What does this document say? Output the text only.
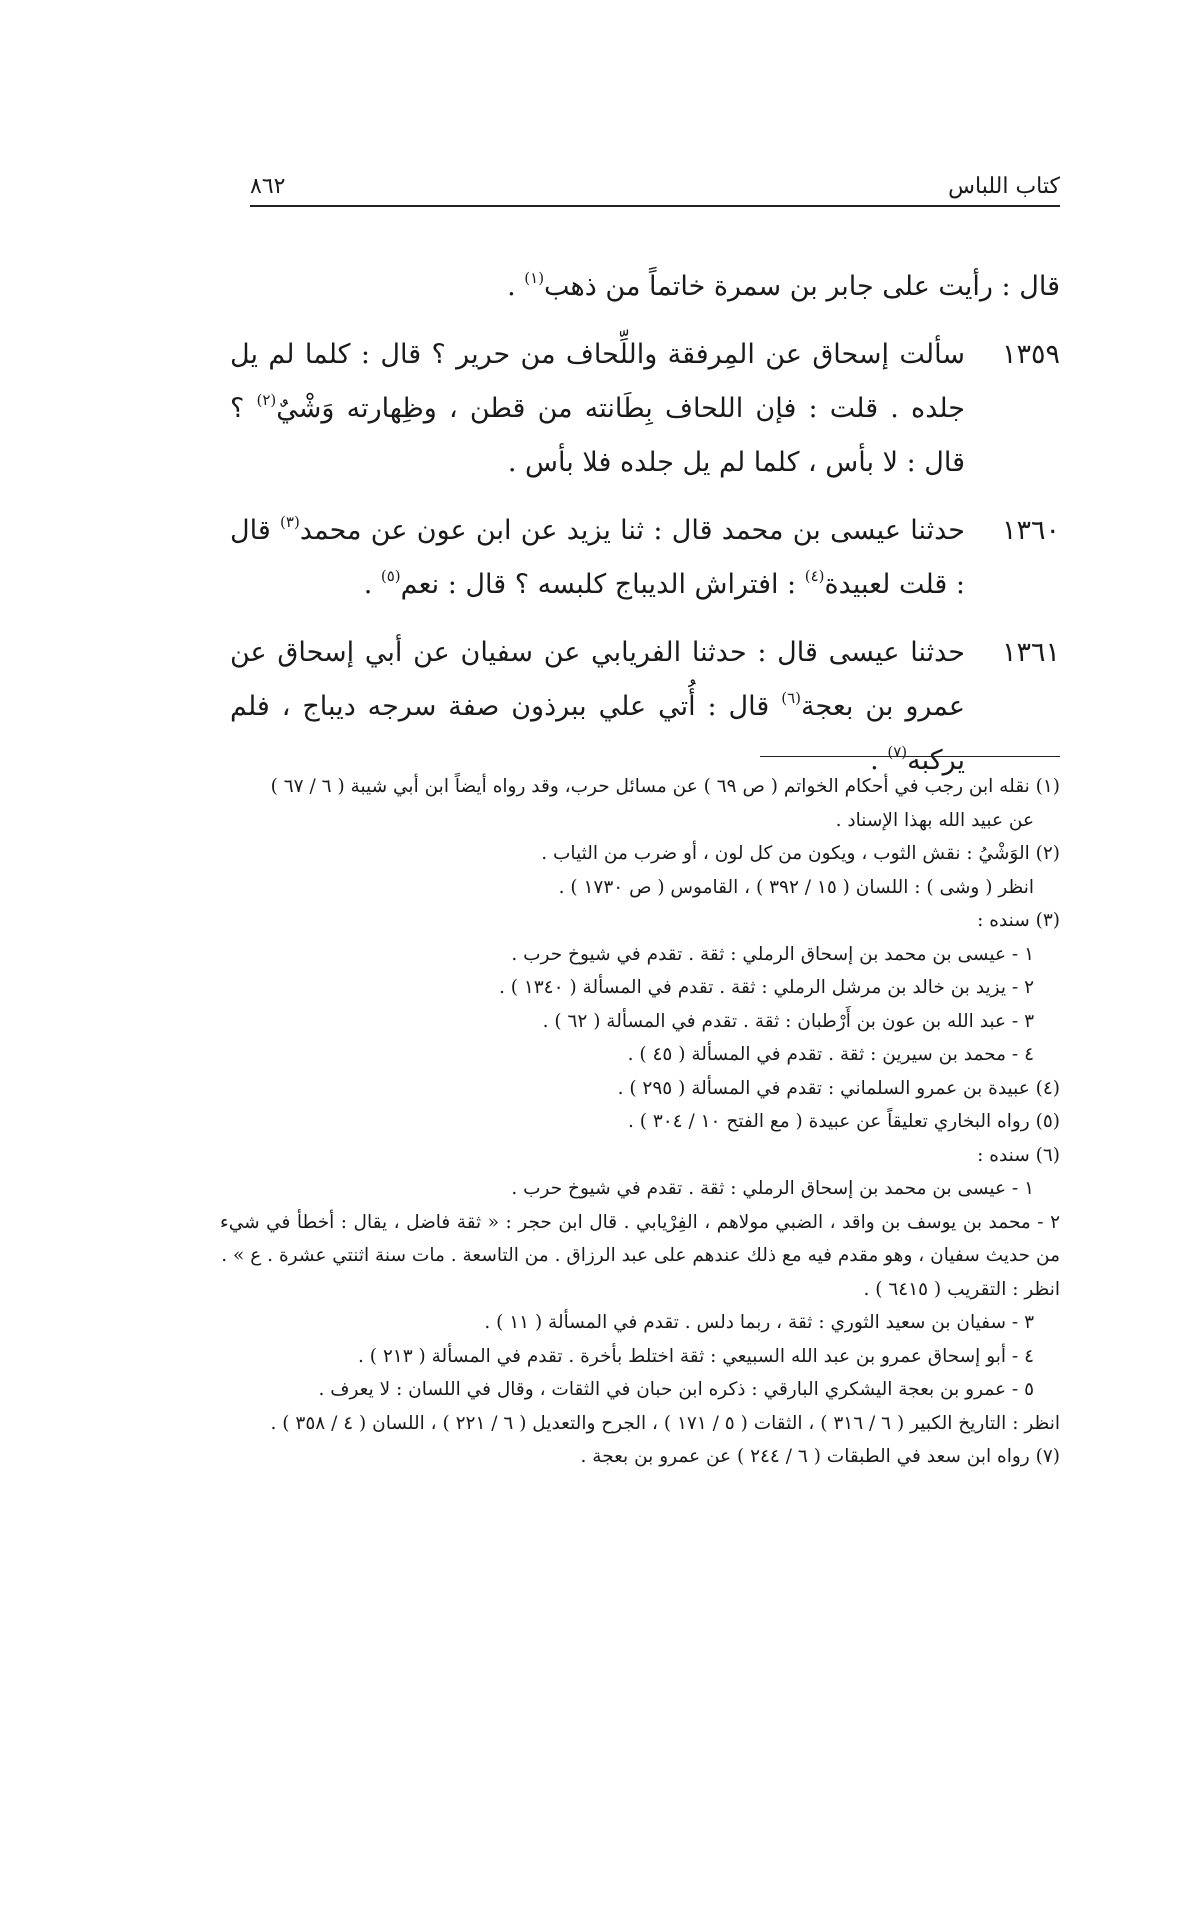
كتاب اللباس
٨٦٢
قال : رأيت على جابر بن سمرة خاتماً من ذهب$^{(١)}$ .
١٣٥٩
سألت إسحاق عن المِرفقة واللِّحاف من حرير ؟ قال : كلما لم يل جلده . قلت : فإن اللحاف بِطَانته من قطن ، وظِهارته وَشْيٌ$^{(٢)}$ ؟ قال : لا بأس ، كلما لم يل جلده فلا بأس .
١٣٦٠
حدثنا عيسى بن محمد قال : ثنا يزيد عن ابن عون عن محمد$^{(٣)}$ قال : قلت لعبيدة$^{(٤)}$ : افتراش الديباج كلبسه ؟ قال : نعم$^{(٥)}$ .
١٣٦١
حدثنا عيسى قال : حدثنا الفريابي عن سفيان عن أبي إسحاق عن عمرو بن بعجة$^{(٦)}$ قال : أُتي علي ببرذون صفة سرجه ديباج ، فلم يركبه$^{(٧)}$ .
(١) نقله ابن رجب في أحكام الخواتم ( ص ٦٩ ) عن مسائل حرب، وقد رواه أيضاً ابن أبي شيبة ( ٦ / ٦٧ )
عن عبيد الله بهذا الإسناد .
(٢) الوَشْيُ : نقش الثوب ، ويكون من كل لون ، أو ضرب من الثياب .
انظر ( وشى ) : اللسان ( ١٥ / ٣٩٢ ) ، القاموس ( ص ١٧٣٠ ) .
(٣) سنده :
١ - عيسى بن محمد بن إسحاق الرملي : ثقة . تقدم في شيوخ حرب .
٢ - يزيد بن خالد بن مرشل الرملي : ثقة . تقدم في المسألة ( ١٣٤٠ ) .
٣ - عبد الله بن عون بن أَرْطبان : ثقة . تقدم في المسألة ( ٦٢ ) .
٤ - محمد بن سيرين : ثقة . تقدم في المسألة ( ٤٥ ) .
(٤) عبيدة بن عمرو السلماني : تقدم في المسألة ( ٢٩٥ ) .
(٥) رواه البخاري تعليقاً عن عبيدة ( مع الفتح ١٠ / ٣٠٤ ) .
(٦) سنده :
١ - عيسى بن محمد بن إسحاق الرملي : ثقة . تقدم في شيوخ حرب .
٢ - محمد بن يوسف بن واقد ، الضبي مولاهم ، الفِرْيابي . قال ابن حجر : « ثقة فاضل ، يقال : أخطأ في شيء من حديث سفيان ، وهو مقدم فيه مع ذلك عندهم على عبد الرزاق . من التاسعة . مات سنة اثنتي عشرة . ع » .
انظر : التقريب ( ٦٤١٥ ) .
٣ - سفيان بن سعيد الثوري : ثقة ، ربما دلس . تقدم في المسألة ( ١١ ) .
٤ - أبو إسحاق عمرو بن عبد الله السبيعي : ثقة اختلط بأخرة . تقدم في المسألة ( ٢١٣ ) .
٥ - عمرو بن بعجة اليشكري البارقي : ذكره ابن حبان في الثقات ، وقال في اللسان : لا يعرف .
انظر : التاريخ الكبير ( ٦ / ٣١٦ ) ، الثقات ( ٥ / ١٧١ ) ، الجرح والتعديل ( ٦ / ٢٢١ ) ، اللسان ( ٤ / ٣٥٨ ) .
(٧) رواه ابن سعد في الطبقات ( ٦ / ٢٤٤ ) عن عمرو بن بعجة .
